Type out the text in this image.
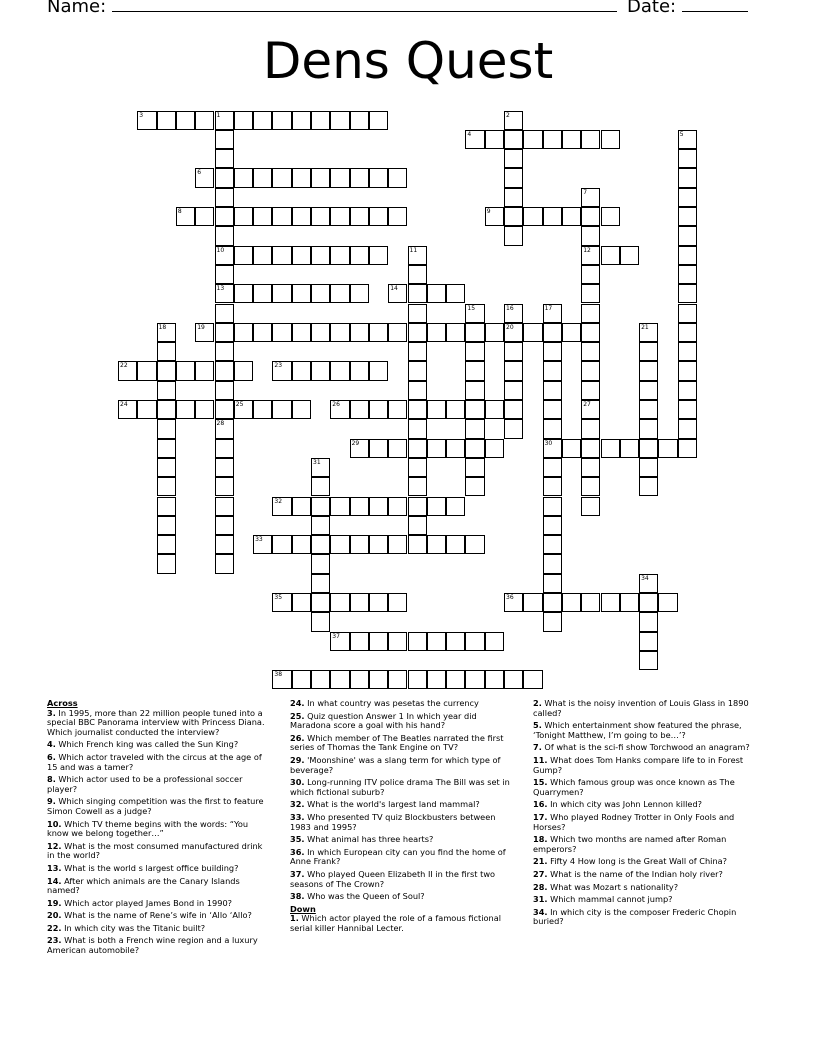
Name:	Date:
Dens Quest
3	1
4
6
8	9
10	12
13	14
19	20
22	23
24	25	26
29	30
32
33
35	36
37
38
28
2
5
7
11
15	16	17
18	21
27
31
34
Across
3. In 1995, more than 22 million people tuned into a special BBC Panorama interview with Princess Diana. Which journalist conducted the interview?
4. Which French king was called the Sun King?
6. Which actor traveled with the circus at the age of 15 and was a tamer?
8. Which actor used to be a professional soccer player?
9. Which singing competition was the first to feature Simon Cowell as a judge?
10. Which TV theme begins with the words: “You know we belong together…”
12. What is the most consumed manufactured drink in the world?
13. What is the world s largest office building?
14. After which animals are the Canary Islands named?
19. Which actor played James Bond in 1990?
20. What is the name of Rene’s wife in ‘Allo ‘Allo?
22. In which city was the Titanic built?
23. What is both a French wine region and a luxury American automobile?
24. In what country was pesetas the currency
25. Quiz question Answer 1 In which year did Maradona score a goal with his hand?
26. Which member of The Beatles narrated the first series of Thomas the Tank Engine on TV?
29. 'Moonshine' was a slang term for which type of beverage?
30. Long-running ITV police drama The Bill was set in which fictional suburb?
32. What is the world's largest land mammal?
33. Who presented TV quiz Blockbusters between 1983 and 1995?
35. What animal has three hearts?
36. In which European city can you find the home of Anne Frank?
37. Who played Queen Elizabeth II in the first two seasons of The Crown?
38. Who was the Queen of Soul?
Down
1. Which actor played the role of a famous fictional serial killer Hannibal Lecter.
2. What is the noisy invention of Louis Glass in 1890 called?
5. Which entertainment show featured the phrase, ‘Tonight Matthew, I’m going to be…’?
7. Of what is the sci-fi show Torchwood an anagram?
11. What does Tom Hanks compare life to in Forest Gump?
15. Which famous group was once known as The Quarrymen?
16. In which city was John Lennon killed?
17. Who played Rodney Trotter in Only Fools and Horses?
18. Which two months are named after Roman emperors?
21. Fifty 4 How long is the Great Wall of China?
27. What is the name of the Indian holy river?
28. What was Mozart s nationality?
31. Which mammal cannot jump?
34. In which city is the composer Frederic Chopin buried?
